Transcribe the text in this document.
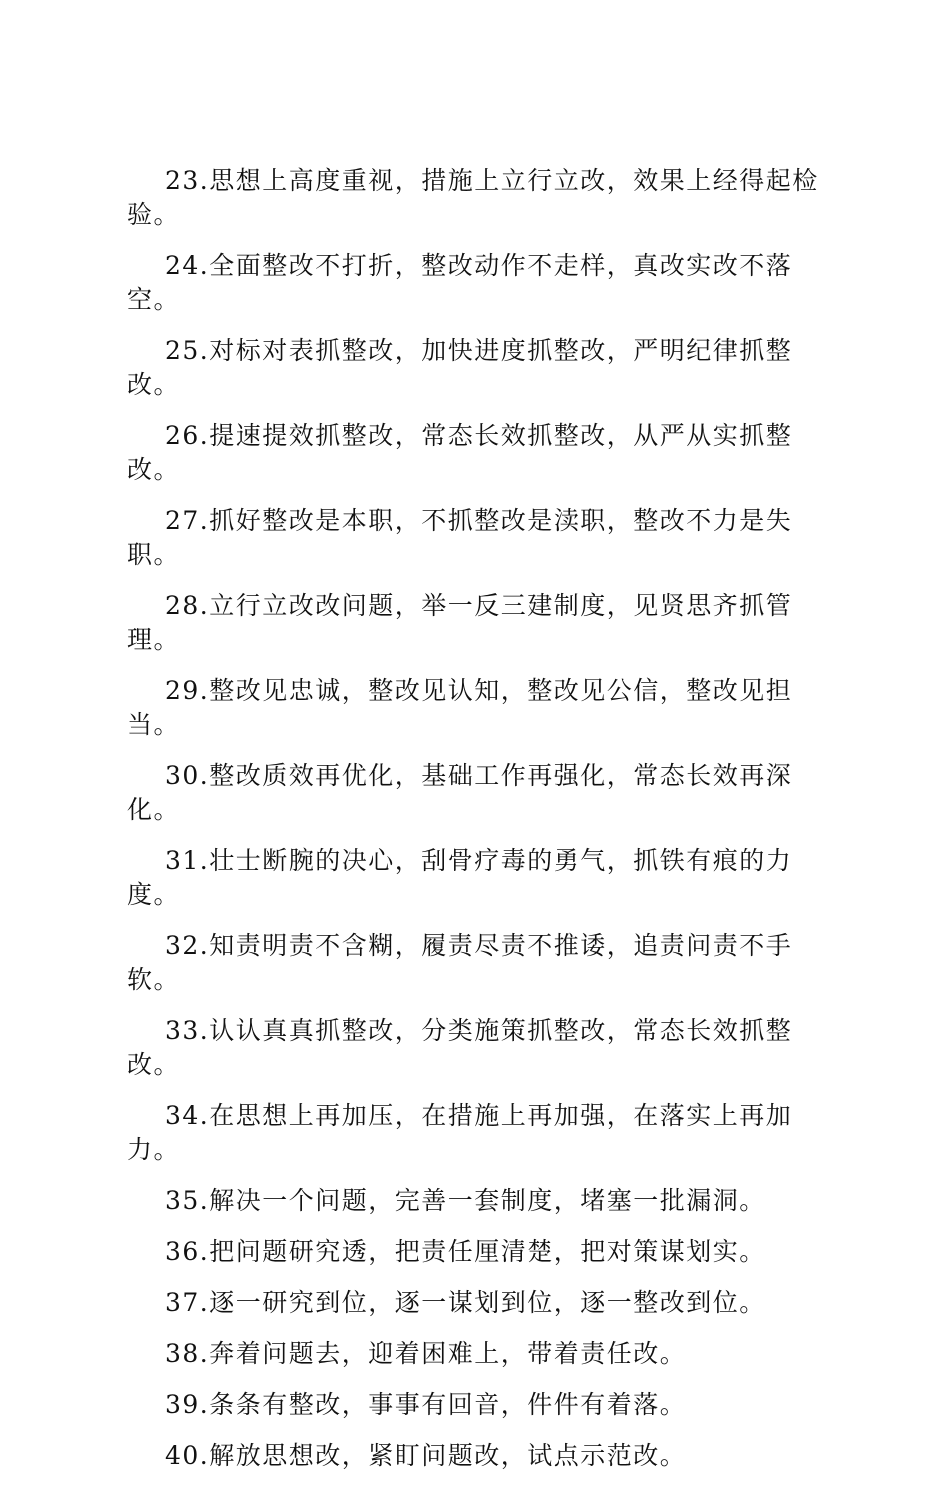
23.思想上高度重视，措施上立行立改，效果上经得起检验。

24.全面整改不打折，整改动作不走样，真改实改不落空。

25.对标对表抓整改，加快进度抓整改，严明纪律抓整改。

26.提速提效抓整改，常态长效抓整改，从严从实抓整改。

27.抓好整改是本职，不抓整改是渎职，整改不力是失职。

28.立行立改改问题，举一反三建制度，见贤思齐抓管理。

29.整改见忠诚，整改见认知，整改见公信，整改见担当。

30.整改质效再优化，基础工作再强化，常态长效再深化。

31.壮士断腕的决心，刮骨疗毒的勇气，抓铁有痕的力度。

32.知责明责不含糊，履责尽责不推诿，追责问责不手软。

33.认认真真抓整改，分类施策抓整改，常态长效抓整改。

34.在思想上再加压，在措施上再加强，在落实上再加力。

35.解决一个问题，完善一套制度，堵塞一批漏洞。

36.把问题研究透，把责任厘清楚，把对策谋划实。

37.逐一研究到位，逐一谋划到位，逐一整改到位。

38.奔着问题去，迎着困难上，带着责任改。

39.条条有整改，事事有回音，件件有着落。

40.解放思想改，紧盯问题改，试点示范改。
